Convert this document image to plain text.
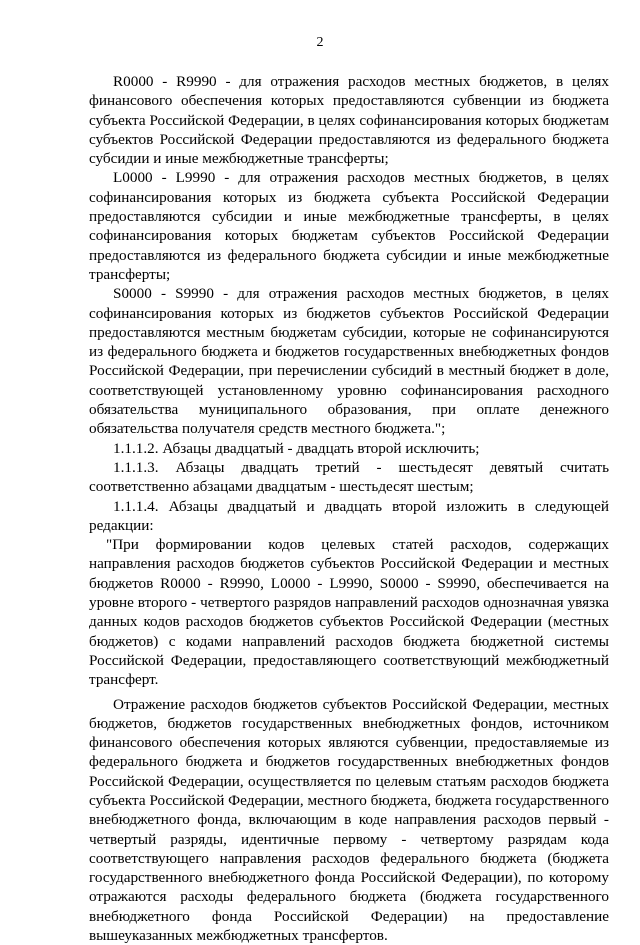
2

R0000 - R9990 - для отражения расходов местных бюджетов, в целях финансового обеспечения которых предоставляются субвенции из бюджета субъекта Российской Федерации, в целях софинансирования которых бюджетам субъектов Российской Федерации предоставляются из федерального бюджета субсидии и иные межбюджетные трансферты;

L0000 - L9990 - для отражения расходов местных бюджетов, в целях софинансирования которых из бюджета субъекта Российской Федерации предоставляются субсидии и иные межбюджетные трансферты, в целях софинансирования которых бюджетам субъектов Российской Федерации предоставляются из федерального бюджета субсидии и иные межбюджетные трансферты;

S0000 - S9990 - для отражения расходов местных бюджетов, в целях софинансирования которых из бюджетов субъектов Российской Федерации предоставляются местным бюджетам субсидии, которые не софинансируются из федерального бюджета и бюджетов государственных внебюджетных фондов Российской Федерации, при перечислении субсидий в местный бюджет в доле, соответствующей установленному уровню софинансирования расходного обязательства муниципального образования, при оплате денежного обязательства получателя средств местного бюджета.";

1.1.1.2. Абзацы двадцатый - двадцать второй исключить;

1.1.1.3. Абзацы двадцать третий - шестьдесят девятый считать соответственно абзацами двадцатым - шестьдесят шестым;

1.1.1.4. Абзацы двадцатый и двадцать второй изложить в следующей редакции:

"При формировании кодов целевых статей расходов, содержащих направления расходов бюджетов субъектов Российской Федерации и местных бюджетов R0000 - R9990, L0000 - L9990, S0000 - S9990, обеспечивается на уровне второго - четвертого разрядов направлений расходов однозначная увязка данных кодов расходов бюджетов субъектов Российской Федерации (местных бюджетов) с кодами направлений расходов бюджета бюджетной системы Российской Федерации, предоставляющего соответствующий межбюджетный трансферт.

Отражение расходов бюджетов субъектов Российской Федерации, местных бюджетов, бюджетов государственных внебюджетных фондов, источником финансового обеспечения которых являются субвенции, предоставляемые из федерального бюджета и бюджетов государственных внебюджетных фондов Российской Федерации, осуществляется по целевым статьям расходов бюджета субъекта Российской Федерации, местного бюджета, бюджета государственного внебюджетного фонда, включающим в коде направления расходов первый - четвертый разряды, идентичные первому - четвертому разрядам кода соответствующего направления расходов федерального бюджета (бюджета государственного внебюджетного фонда Российской Федерации), по которому отражаются расходы федерального бюджета (бюджета государственного внебюджетного фонда Российской Федерации) на предоставление вышеуказанных межбюджетных трансфертов.
